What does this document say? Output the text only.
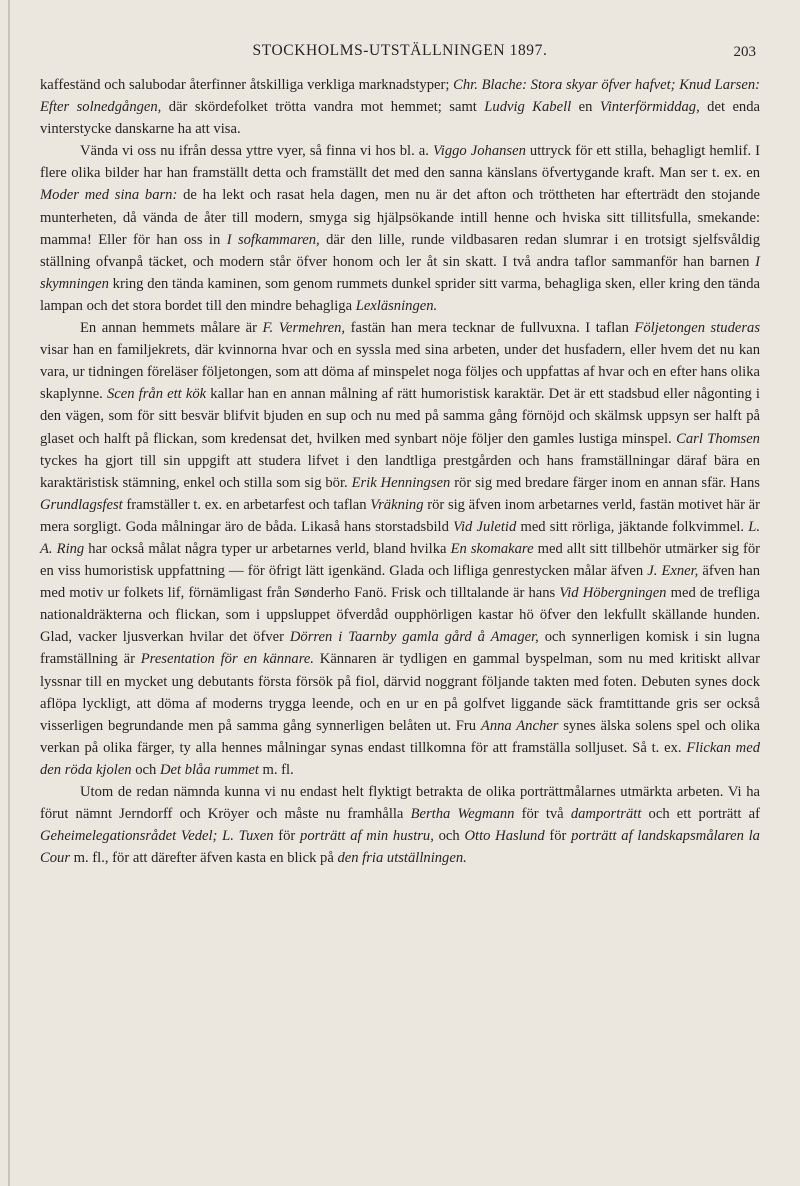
STOCKHOLMS-UTSTÄLLNINGEN 1897.	203

kaffeständ och salubodar återfinner åtskilliga verkliga marknadstyper; Chr. Blache: Stora skyar öfver hafvet; Knud Larsen: Efter solnedgången, där skördefolket trötta vandra mot hemmet; samt Ludvig Kabell en Vinterförmiddag, det enda vinterstycke danskarne ha att visa.

Vända vi oss nu ifrån dessa yttre vyer, så finna vi hos bl. a. Viggo Johansen uttryck för ett stilla, behagligt hemlif. I flere olika bilder har han framställt detta och framställt det med den sanna känslans öfvertygande kraft. Man ser t. ex. en Moder med sina barn: de ha lekt och rasat hela dagen, men nu är det afton och tröttheten har efterträdt den stojande munterheten, då vända de åter till modern, smyga sig hjälpsökande intill henne och hviska sitt tillitsfulla, smekande: mamma! Eller för han oss in I sofkammaren, där den lille, runde vildbasaren redan slumrar i en trotsigt sjelfsvåldig ställning ofvanpå täcket, och modern står öfver honom och ler åt sin skatt. I två andra taflor sammanför han barnen I skymningen kring den tända kaminen, som genom rummets dunkel sprider sitt varma, behagliga sken, eller kring den tända lampan och det stora bordet till den mindre behagliga Lexläsningen.

En annan hemmets målare är F. Vermehren, fastän han mera tecknar de fullvuxna. I taflan Följetongen studeras visar han en familjekrets, där kvinnorna hvar och en syssla med sina arbeten, under det husfadern, eller hvem det nu kan vara, ur tidningen föreläser följetongen, som att döma af minspelet noga följes och uppfattas af hvar och en efter hans olika skaplynne. Scen från ett kök kallar han en annan målning af rätt humoristisk karaktär. Det är ett stadsbud eller någonting i den vägen, som för sitt besvär blifvit bjuden en sup och nu med på samma gång förnöjd och skälmsk uppsyn ser halft på glaset och halft på flickan, som kredensat det, hvilken med synbart nöje följer den gamles lustiga minspel. Carl Thomsen tyckes ha gjort till sin uppgift att studera lifvet i den landtliga prestgården och hans framställningar däraf bära en karaktäristisk stämning, enkel och stilla som sig bör. Erik Henningsen rör sig med bredare färger inom en annan sfär. Hans Grundlagsfest framställer t. ex. en arbetarfest och taflan Vräkning rör sig äfven inom arbetarnes verld, fastän motivet här är mera sorgligt. Goda målningar äro de båda. Likaså hans storstadsbild Vid Juletid med sitt rörliga, jäktande folkvimmel. L. A. Ring har också målat några typer ur arbetarnes verld, bland hvilka En skomakare med allt sitt tillbehör utmärker sig för en viss humoristisk uppfattning — för öfrigt lätt igenkänd. Glada och lifliga genrestycken målar äfven J. Exner, äfven han med motiv ur folkets lif, förnämligast från Sønderho Fanö. Frisk och tilltalande är hans Vid Höbergningen med de trefliga nationaldräkterna och flickan, som i uppsluppet öfverdåd oupphörligen kastar hö öfver den lekfullt skällande hunden. Glad, vacker ljusverkan hvilar det öfver Dörren i Taarnby gamla gård å Amager, och synnerligen komisk i sin lugna framställning är Presentation för en kännare. Kännaren är tydligen en gammal byspelman, som nu med kritiskt allvar lyssnar till en mycket ung debutants första försök på fiol, därvid noggrant följande takten med foten. Debuten synes dock aflöpa lyckligt, att döma af moderns trygga leende, och en ur en på golfvet liggande säck framtittande gris ser också visserligen begrundande men på samma gång synnerligen belåten ut. Fru Anna Ancher synes älska solens spel och olika verkan på olika färger, ty alla hennes målningar synas endast tillkomna för att framställa solljuset. Så t. ex. Flickan med den röda kjolen och Det blåa rummet m. fl.

Utom de redan nämnda kunna vi nu endast helt flyktigt betrakta de olika porträttmålarnes utmärkta arbeten. Vi ha förut nämnt Jerndorff och Kröyer och måste nu framhålla Bertha Wegmann för två damporträtt och ett porträtt af Geheimelegationsrådet Vedel; L. Tuxen för porträtt af min hustru, och Otto Haslund för porträtt af landskapsmålaren la Cour m. fl., för att därefter äfven kasta en blick på den fria utställningen.
